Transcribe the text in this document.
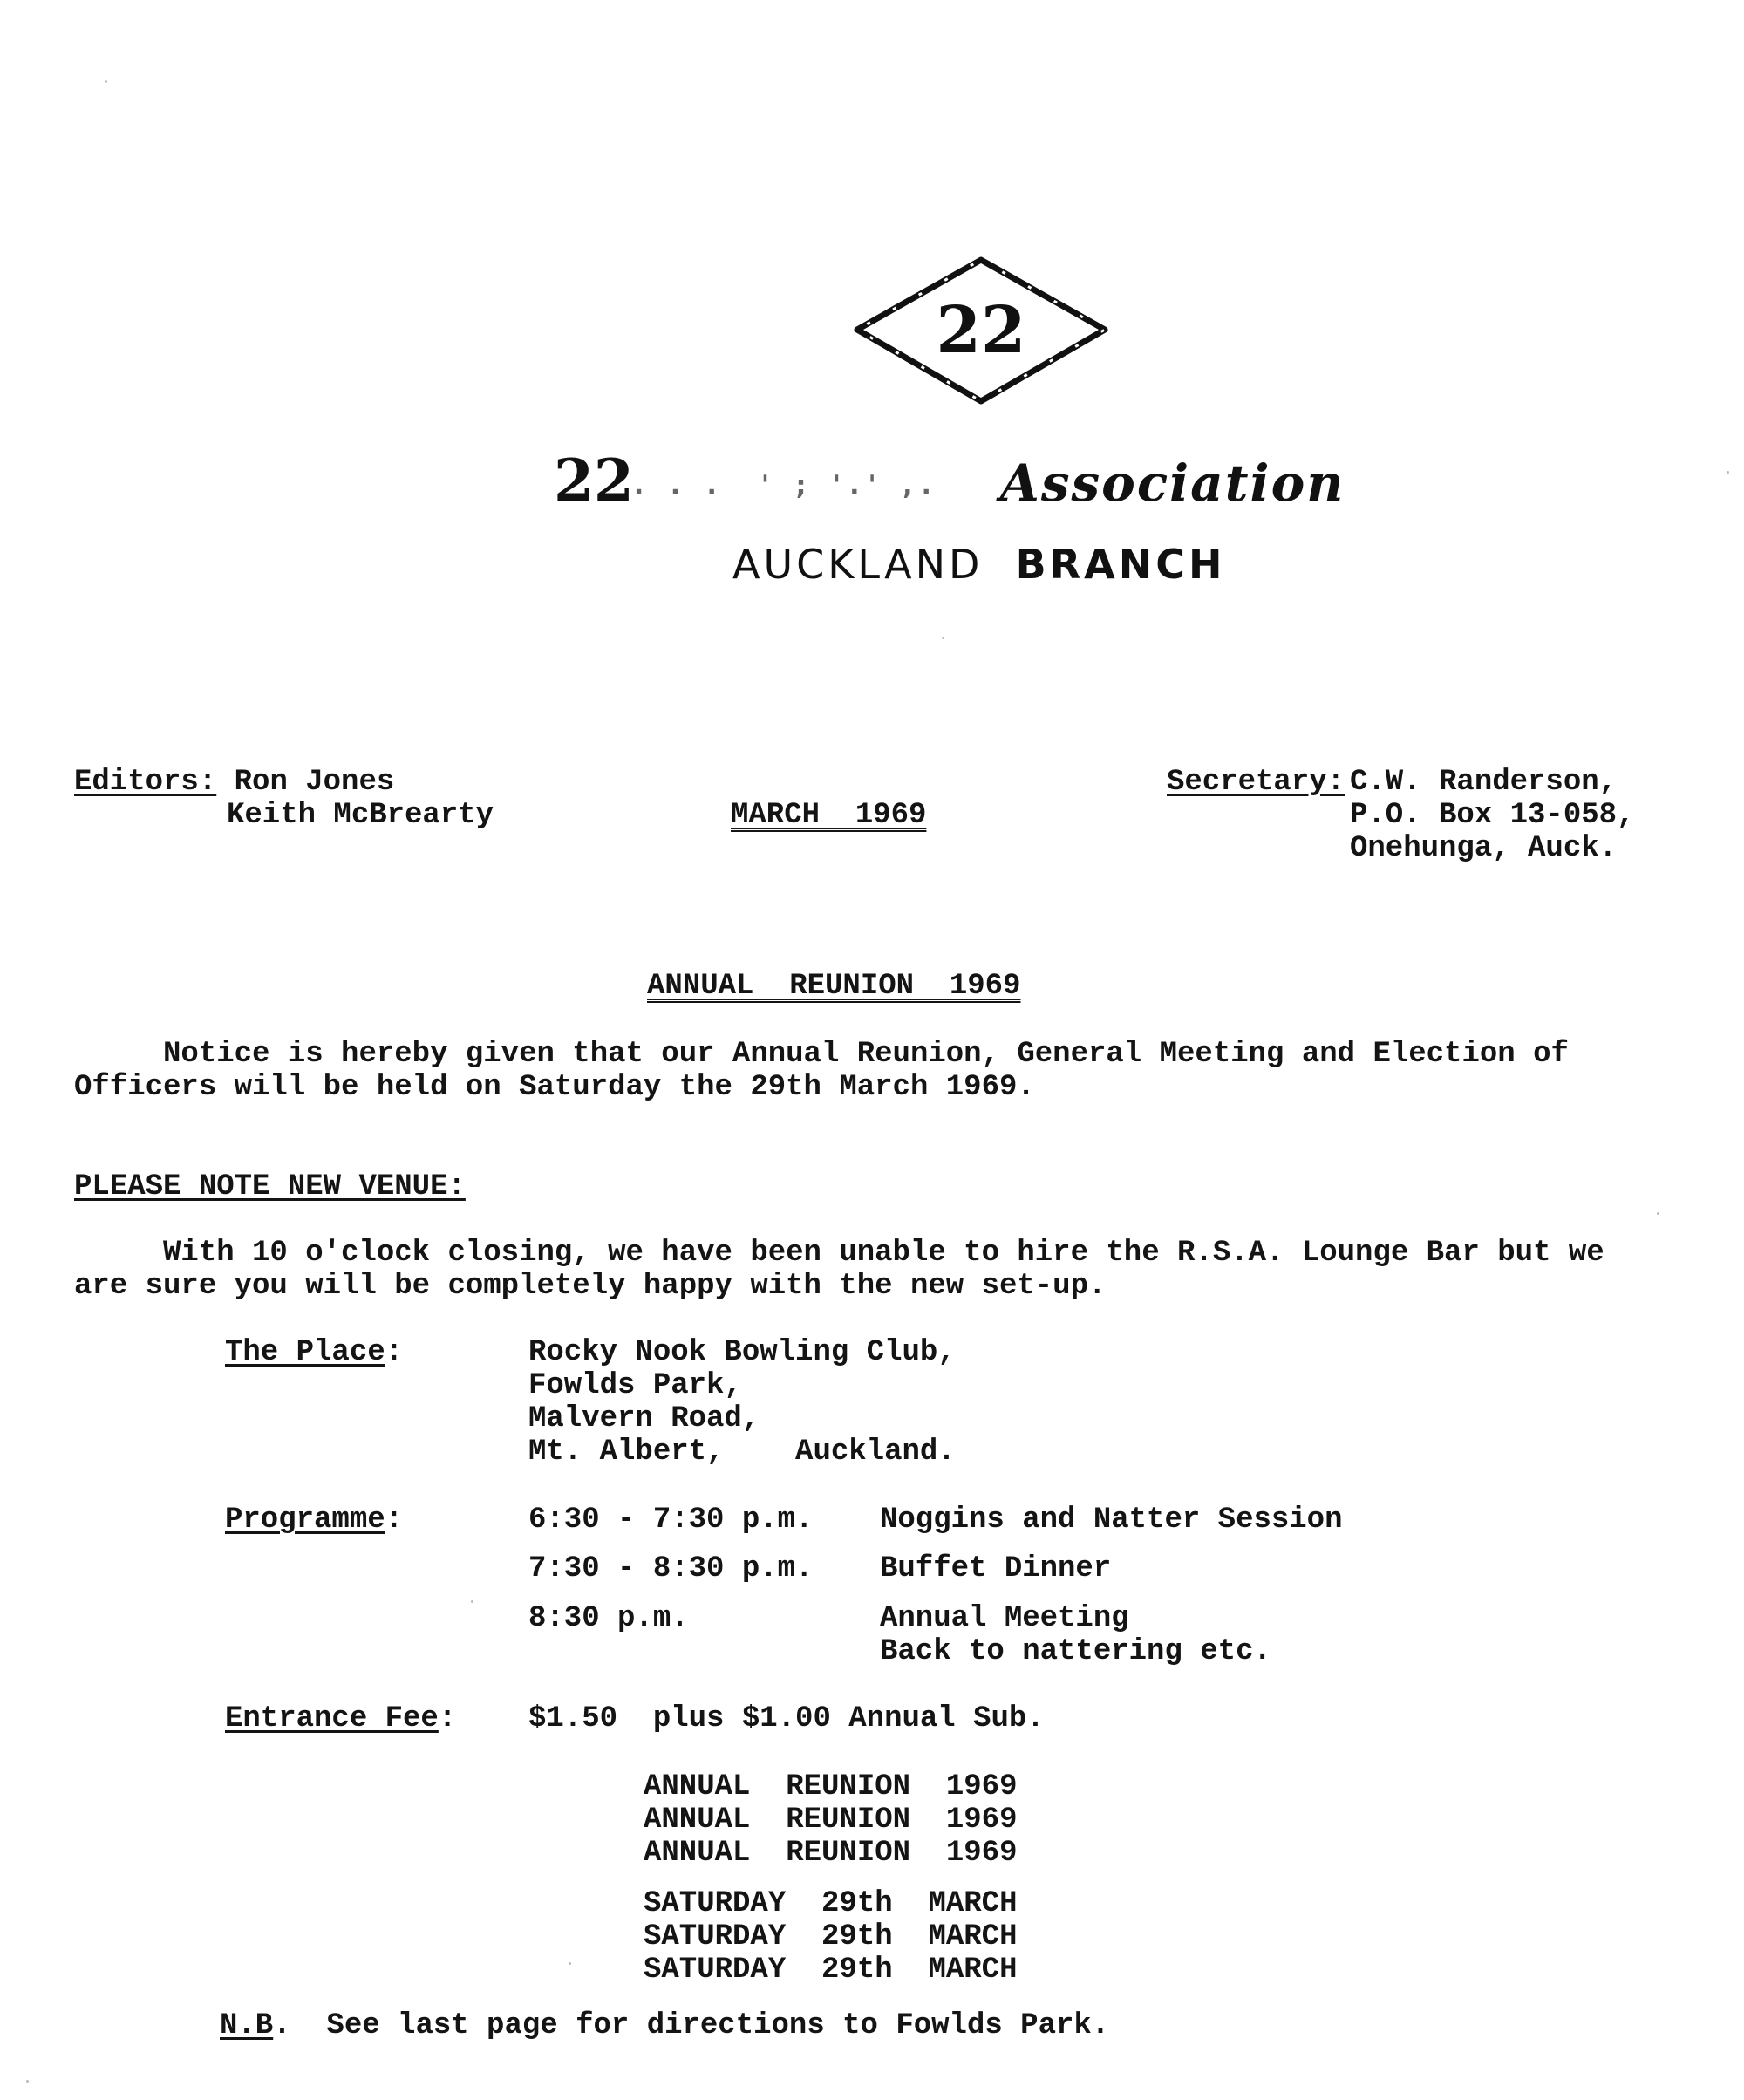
22
22. . .  ' ; '.' ,. Association
AUCKLAND BRANCH
Editors: Ron Jones
Keith McBrearty	MARCH  1969
Secretary: C.W. Randerson,
P.O. Box 13-058,
Onehunga, Auck.
ANNUAL  REUNION  1969
Notice is hereby given that our Annual Reunion, General Meeting and Election of
Officers will be held on Saturday the 29th March 1969.
PLEASE NOTE NEW VENUE:
With 10 o'clock closing, we have been unable to hire the R.S.A. Lounge Bar but we
are sure you will be completely happy with the new set-up.
The Place:	Rocky Nook Bowling Club,
Fowlds Park,
Malvern Road,
Mt. Albert,    Auckland.
Programme:	6:30 - 7:30 p.m. Noggins and Natter Session
7:30 - 8:30 p.m. Buffet Dinner
8:30 p.m.	Annual Meeting
Back to nattering etc.
Entrance Fee: $1.50  plus $1.00 Annual Sub.
ANNUAL  REUNION  1969
ANNUAL  REUNION  1969
ANNUAL  REUNION  1969
SATURDAY  29th  MARCH
SATURDAY  29th  MARCH
SATURDAY  29th  MARCH
N.B.  See last page for directions to Fowlds Park.
